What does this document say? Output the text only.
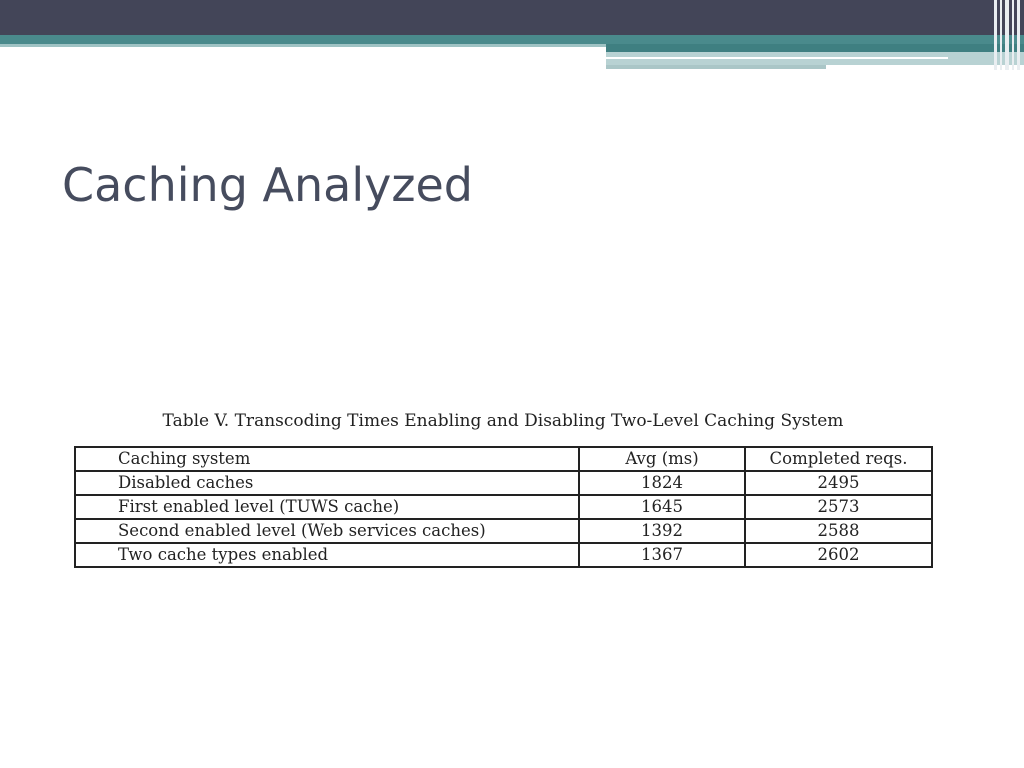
Caching Analyzed
Table V. Transcoding Times Enabling and Disabling Two-Level Caching System
Caching system	Avg (ms)	Completed reqs.
Disabled caches	1824	2495
First enabled level (TUWS cache)	1645	2573
Second enabled level (Web services caches)	1392	2588
Two cache types enabled	1367	2602
